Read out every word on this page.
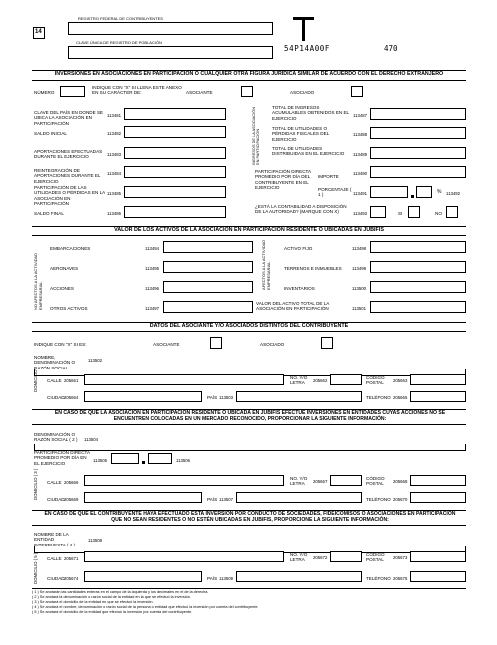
14
REGISTRO FEDERAL DE CONTRIBUYENTES
CLAVE ÚNICA DE REGISTRO DE POBLACIÓN
54P14A00F	470
INVERSIONES EN ASOCIACIONES EN PARTICIPACIÓN O CUALQUIER OTRA FIGURA JURÍDICA SIMILAR DE ACUERDO CON EL DERECHO EXTRANJERO
NÚMERO
INDIQUE CON "X" SI LLENA ESTE ANEXO EN SU CARÁCTER DE:	ASOCIANTE	ASOCIADO
CLAVE DEL PAÍS EN DONDE SE UBICA LA ASOCIACIÓN EN PARTICIPACIÓN
113481
SALDO INICIAL	113482
APORTACIONES EFECTUADAS DURANTE EL EJERCICIO	113483
REINTEGRACIÓN DE APORTACIONES DURANTE EL EJERCICIO
113484
PARTICIPACIÓN DE LAS UTILIDADES O PÉRDIDAS EN LA ASOCIACIÓN EN PARTICIPACIÓN
113485
SALDO FINAL	113486
INGRESOS DE LA ASOCIACIÓN EN PARTICIPACIÓN
TOTAL DE INGRESOS ACUMULABLES OBTENIDOS EN EL EJERCICIO
113487
TOTAL DE UTILIDADES O PÉRDIDAS FISCALES DEL EJERCICIO
113488
TOTAL DE UTILIDADES DISTRIBUIDAS EN EL EJERCICIO	113489
PARTICIPACIÓN DIRECTA PROMEDIO POR DÍA DEL CONTRIBUYENTE EN EL EJERCICIO
IMPORTE
113490
PORCENTAJE ( 1 )	113491	% 113492
¿ESTÁ LA CONTABILIDAD A DISPOSICIÓN DE LA AUTORIDAD? (MARQUE CON X)	113493	SI	NO
VALOR DE LOS ACTIVOS DE LA ASOCIACIÓN EN PARTICIPACIÓN RESIDENTE O UBICADAS EN JUBIFIS
NO AFECTOS A LA ACTIVIDAD EMPRESARIAL
EMBARCACIONES	113494
AERONAVES	113495
ACCIONES	113496
OTROS ACTIVOS	113497
AFECTOS A LA ACTIVIDAD EMPRESARIAL
ACTIVO FIJO	113498
TERRENOS E INMUEBLES 113499
INVENTARIOS	113500
VALOR DEL ACTIVO TOTAL DE LA ASOCIACIÓN EN PARTICIPACIÓN	113501
DATOS DEL ASOCIANTE Y/O ASOCIADOS DISTINTOS DEL CONTRIBUYENTE
INDIQUE CON "X" SI ES:	ASOCIANTE	ASOCIADO
NOMBRE, DENOMINACIÓN O	113502
DOMICILIO CALLE 205661
NO. Y/O LETRA	205662
CÓDIGO POSTAL	205663
CIUDAD 205664	PAÍS 113503	TELÉFONO 205665
EN CASO DE QUE LA ASOCIACIÓN EN PARTICIPACIÓN RESIDENTE O UBICADA EN JUBIFIS EFECTÚE INVERSIONES EN ENTIDADES CUYAS ACCIONES NO SE ENCUENTREN COLOCADAS EN UN MERCADO RECONOCIDO, PROPORCIONAR LA SIGUIENTE INFORMACIÓN:
DENOMINACIÓN O RAZÓN SOCIAL ( 2 )	113504
PARTICIPACIÓN DIRECTA PROMEDIO POR DÍA EN EL EJERCICIO
113505	113506
DOMICILIO ( 3 ) CALLE 205666
NO. Y/O LETRA	205667
CÓDIGO POSTAL	205668
CIUDAD 205669	PAÍS 113507	TELÉFONO 205670
EN CASO DE QUE EL CONTRIBUYENTE HAYA EFECTUADO ESTA INVERSIÓN POR CONDUCTO DE SOCIEDADES, FIDEICOMISOS O ASOCIACIONES EN PARTICIPACIÓN QUE NO SEAN RESIDENTES O NO ESTÉN UBICADAS EN JUBIFIS, PROPORCIONE LA SIGUIENTE INFORMACIÓN:
NOMBRE DE LA ENTIDAD	113508
DOMICILIO ( 5 ) CALLE 205671
NO. Y/O LETRA	205672
CÓDIGO POSTAL	205673
CIUDAD 205674	PAÍS 113509	TELÉFONO 205675
( 1 ) Se anotarán las cantidades enteras en el campo de la izquierda y los decimales en el de la derecha.
( 2 ) Se anotará la denominación o razón social de la entidad en la que se efectuó la inversión.
( 3 ) Se anotará el domicilio de la entidad en que se efectuó la inversión.
( 4 ) Se anotará el nombre, denominación o razón social de la persona o entidad que efectuó la inversión por cuenta del contribuyente.
( 5 ) Se anotará el domicilio de la entidad que efectuó la inversión por cuenta del contribuyente.
